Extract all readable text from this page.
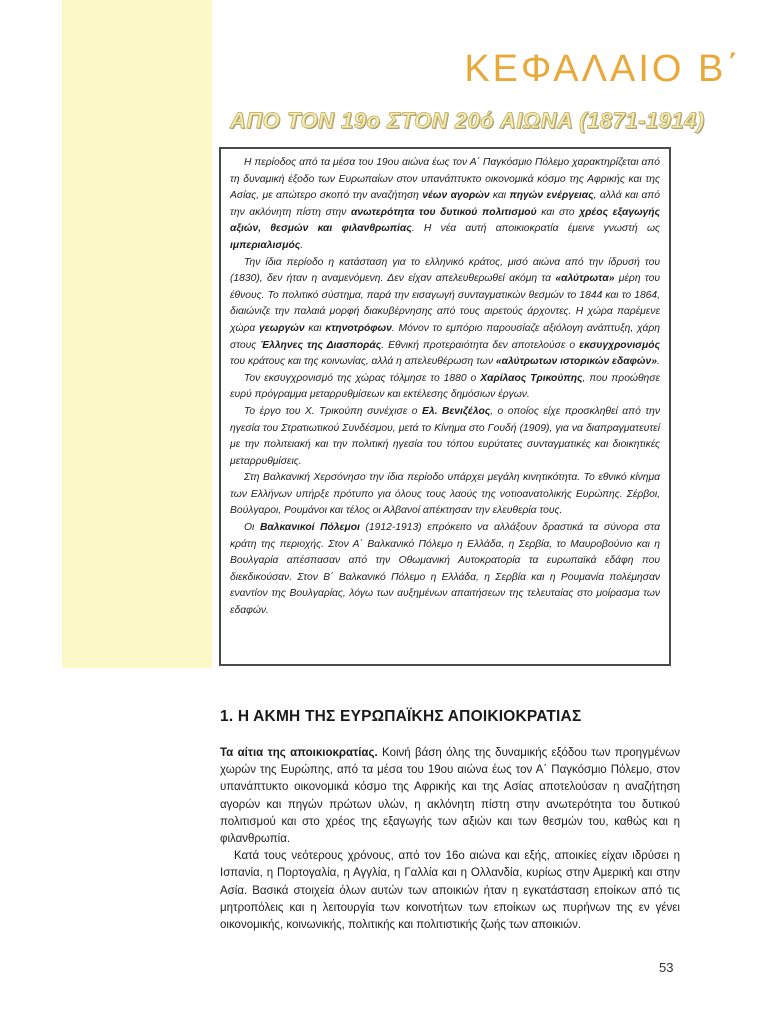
ΚΕΦΑΛΑΙΟ Β΄
ΑΠΟ ΤΟΝ 19ο ΣΤΟΝ 20ό ΑΙΩΝΑ (1871-1914)

Η περίοδος από τα μέσα του 19ου αιώνα έως τον Α΄ Παγκόσμιο Πόλεμο χαρακτηρίζεται από τη δυναμική έξοδο των Ευρωπαίων στον υπανάπτυκτο οικονομικά κόσμο της Αφρικής και της Ασίας, με απώτερο σκοπό την αναζήτηση νέων αγορών και πηγών ενέργειας, αλλά και από την ακλόνητη πίστη στην ανωτερότητα του δυτικού πολιτισμού και στο χρέος εξαγωγής αξιών, θεσμών και φιλανθρωπίας. Η νέα αυτή αποικιοκρατία έμεινε γνωστή ως ιμπεριαλισμός.

Την ίδια περίοδο η κατάσταση για το ελληνικό κράτος, μισό αιώνα από την ίδρυσή του (1830), δεν ήταν η αναμενόμενη. Δεν είχαν απελευθερωθεί ακόμη τα «αλύτρωτα» μέρη του έθνους. Το πολιτικό σύστημα, παρά την εισαγωγή συνταγματικών θεσμών το 1844 και το 1864, διαιώνιζε την παλαιά μορφή διακυβέρνησης από τους αιρετούς άρχοντες. Η χώρα παρέμενε χώρα γεωργών και κτηνοτρόφων. Μόνον το εμπόριο παρουσίαζε αξιόλογη ανάπτυξη, χάρη στους Έλληνες της Διασποράς. Εθνική προτεραιότητα δεν αποτελούσε ο εκσυγχρονισμός του κράτους και της κοινωνίας, αλλά η απελευθέρωση των «αλύτρωτων ιστορικών εδαφών».

Τον εκσυγχρονισμό της χώρας τόλμησε το 1880 ο Χαρίλαος Τρικούπης, που προώθησε ευρύ πρόγραμμα μεταρρυθμίσεων και εκτέλεσης δημόσιων έργων.

Το έργο του Χ. Τρικούπη συνέχισε ο Ελ. Βενιζέλος, ο οποίος είχε προσκληθεί από την ηγεσία του Στρατιωτικού Συνδέσμου, μετά το Κίνημα στο Γουδή (1909), για να διαπραγματευτεί με την πολιτειακή και την πολιτική ηγεσία του τόπου ευρύτατες συνταγματικές και διοικητικές μεταρρυθμίσεις.

Στη Βαλκανική Χερσόνησο την ίδια περίοδο υπάρχει μεγάλη κινητικότητα. Το εθνικό κίνημα των Ελλήνων υπήρξε πρότυπο για όλους τους λαούς της νοτιοανατολικής Ευρώπης. Σέρβοι, Βούλγαροι, Ρουμάνοι και τέλος οι Αλβανοί απέκτησαν την ελευθερία τους.

Οι Βαλκανικοί Πόλεμοι (1912-1913) επρόκειτο να αλλάξουν δραστικά τα σύνορα στα κράτη της περιοχής. Στον Α΄ Βαλκανικό Πόλεμο η Ελλάδα, η Σερβία, το Μαυροβούνιο και η Βουλγαρία απέσπασαν από την Οθωμανική Αυτοκρατορία τα ευρωπαϊκά εδάφη που διεκδικούσαν. Στον Β΄ Βαλκανικό Πόλεμο η Ελλάδα, η Σερβία και η Ρουμανία πολέμησαν εναντίον της Βουλγαρίας, λόγω των αυξημένων απαιτήσεων της τελευταίας στο μοίρασμα των εδαφών.

1. Η ΑΚΜΗ ΤΗΣ ΕΥΡΩΠΑΪΚΗΣ ΑΠΟΙΚΙΟΚΡΑΤΙΑΣ

Τα αίτια της αποικιοκρατίας. Κοινή βάση όλης της δυναμικής εξόδου των προηγμένων χωρών της Ευρώπης, από τα μέσα του 19ου αιώνα έως τον Α΄ Παγκόσμιο Πόλεμο, στον υπανάπτυκτο οικονομικά κόσμο της Αφρικής και της Ασίας αποτελούσαν η αναζήτηση αγορών και πηγών πρώτων υλών, η ακλόνητη πίστη στην ανωτερότητα του δυτικού πολιτισμού και στο χρέος της εξαγωγής των αξιών και των θεσμών του, καθώς και η φιλανθρωπία.

Κατά τους νεότερους χρόνους, από τον 16ο αιώνα και εξής, αποικίες είχαν ιδρύσει η Ισπανία, η Πορτογαλία, η Αγγλία, η Γαλλία και η Ολλανδία, κυρίως στην Αμερική και στην Ασία. Βασικά στοιχεία όλων αυτών των αποικιών ήταν η εγκατάσταση εποίκων από τις μητροπόλεις και η λειτουργία των κοινοτήτων των εποίκων ως πυρήνων της εν γένει οικονομικής, κοινωνικής, πολιτικής και πολιτιστικής ζωής των αποικιών.

53
